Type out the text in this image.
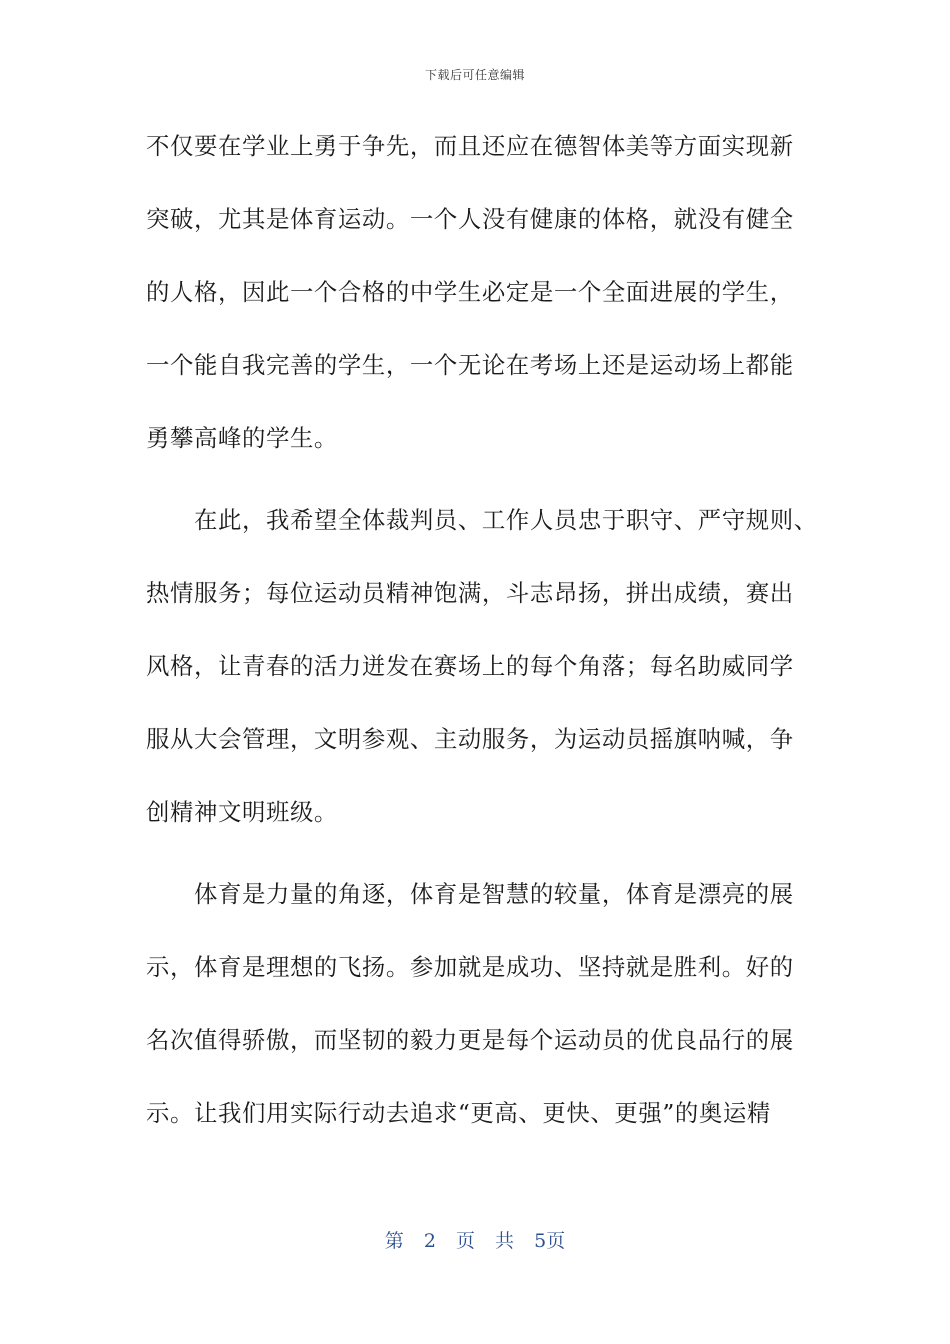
下载后可任意编辑
不仅要在学业上勇于争先，而且还应在德智体美等方面实现新
突破，尤其是体育运动。一个人没有健康的体格，就没有健全
的人格，因此一个合格的中学生必定是一个全面进展的学生，
一个能自我完善的学生，一个无论在考场上还是运动场上都能
勇攀高峰的学生。
在此，我希望全体裁判员、工作人员忠于职守、严守规则、
热情服务；每位运动员精神饱满，斗志昂扬，拼出成绩，赛出
风格，让青春的活力迸发在赛场上的每个角落；每名助威同学
服从大会管理，文明参观、主动服务，为运动员摇旗呐喊，争
创精神文明班级。
体育是力量的角逐，体育是智慧的较量，体育是漂亮的展
示，体育是理想的飞扬。参加就是成功、坚持就是胜利。好的
名次值得骄傲，而坚韧的毅力更是每个运动员的优良品行的展
示。让我们用实际行动去追求“更高、更快、更强”的奥运精
第 2 页 共 5页
